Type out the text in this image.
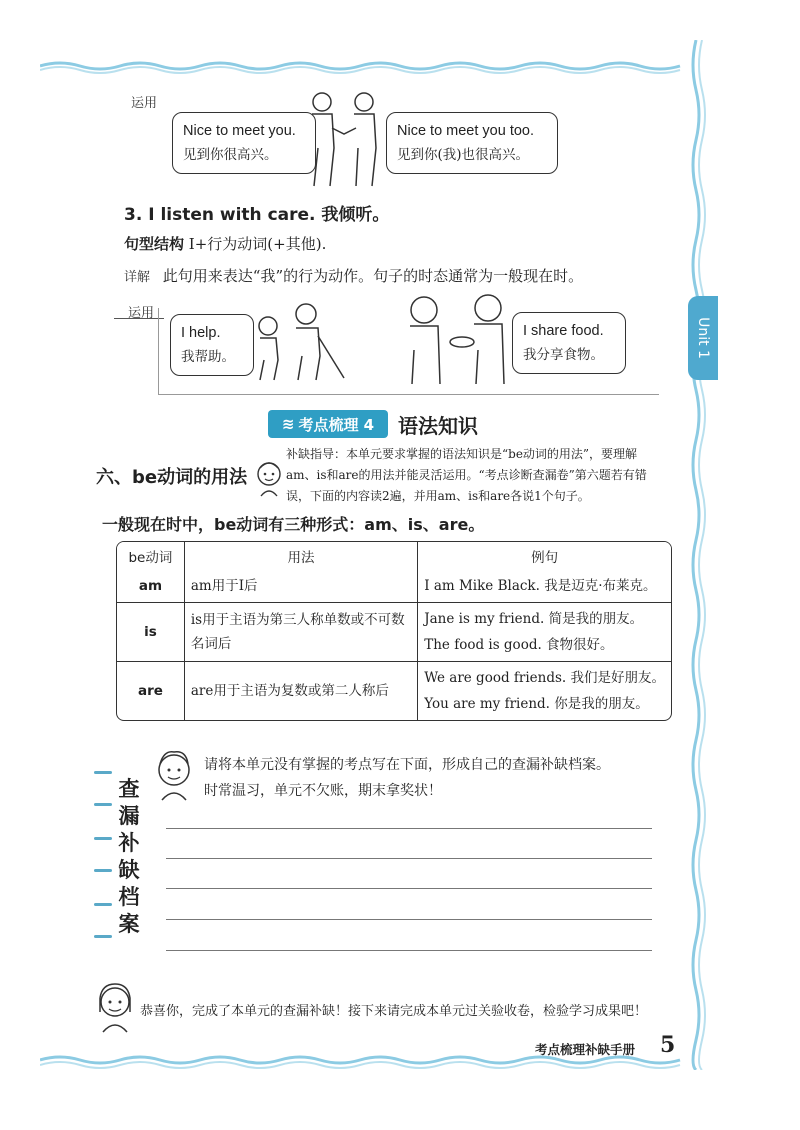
Unit 1
运用
Nice to meet you.
见到你很高兴。
Nice to meet you too.
见到你(我)也很高兴。
3. I listen with care. 我倾听。
句型结构 I+行为动词(+其他).
详解 此句用来表达“我”的行为动作。句子的时态通常为一般现在时。
运用
I help.
我帮助。
I share food.
我分享食物。
≋ 考点梳理 4 语法知识
六、be动词的用法
补缺指导：本单元要求掌握的语法知识是“be动词的用法”，要理解
am、is和are的用法并能灵活运用。“考点诊断查漏卷”第六题若有错
误，下面的内容读2遍，并用am、is和are各说1个句子。
一般现在时中，be动词有三种形式：am、is、are。
be动词	用法	例句
am	am用于I后	I am Mike Black. 我是迈克·布莱克。

is	is用于主语为第三人称单数或不可数名词后	Jane is my friend. 简是我的朋友。
The food is good. 食物很好。

are	are用于主语为复数或第二人称后	We are good friends. 我们是好朋友。
You are my friend. 你是我的朋友。
请将本单元没有掌握的考点写在下面，形成自己的查漏补缺档案。
时常温习，单元不欠账，期末拿奖状！
查
漏
补
缺
档
案
恭喜你，完成了本单元的查漏补缺！接下来请完成本单元过关验收卷，检验学习成果吧！
考点梳理补缺手册 5
